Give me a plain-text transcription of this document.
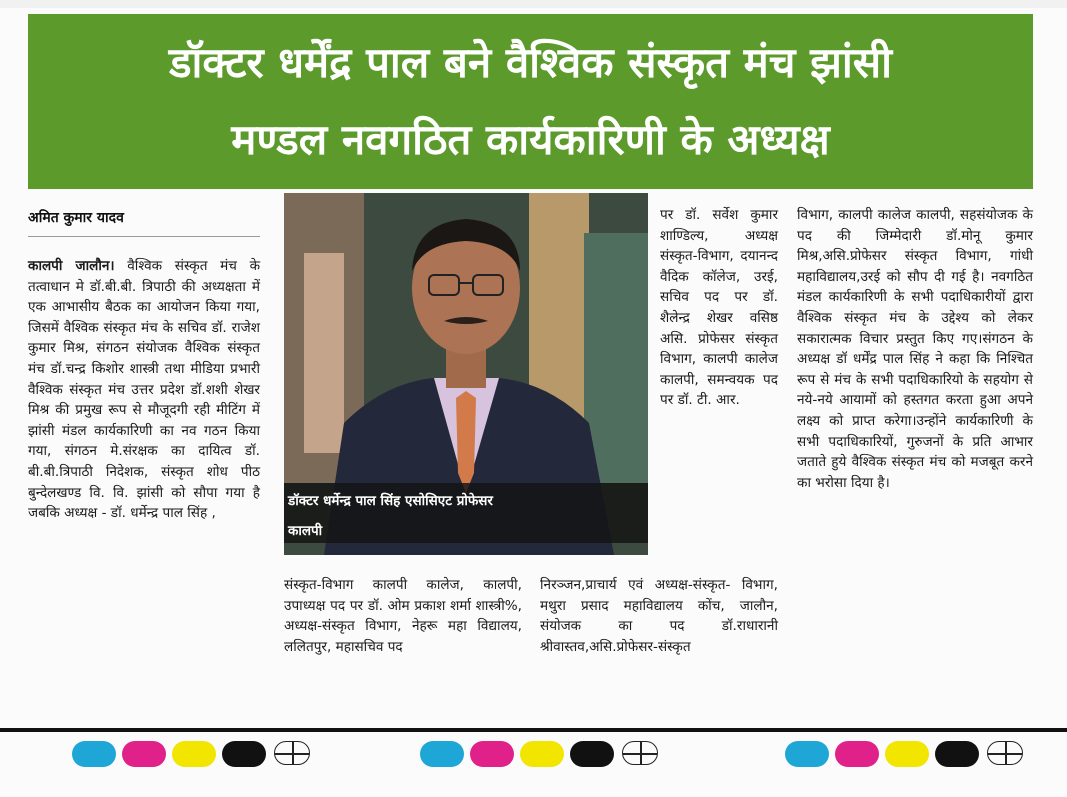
डॉक्टर धर्मेंद्र पाल बने वैश्विक संस्कृत मंच झांसी
मण्डल नवगठित कार्यकारिणी के अध्यक्ष
अमित कुमार यादव
कालपी जालौन। वैश्विक संस्कृत मंच के तत्वाधान मे डॉ.बी.बी. त्रिपाठी की अध्यक्षता में एक आभासीय बैठक का आयोजन किया गया, जिसमें वैश्विक संस्कृत मंच के सचिव डॉ. राजेश कुमार मिश्र, संगठन संयोजक वैश्विक संस्कृत मंच डॉ.चन्द्र किशोर शास्त्री तथा मीडिया प्रभारी वैश्विक संस्कृत मंच उत्तर प्रदेश डॉ.शशी शेखर मिश्र की प्रमुख रूप से मौजूदगी रही मीटिंग में झांसी मंडल कार्यकारिणी का नव गठन किया गया, संगठन मे.संरक्षक का दायित्व डॉ. बी.बी.त्रिपाठी निदेशक, संस्कृत शोध पीठ बुन्देलखण्ड वि. वि. झांसी को सौपा गया है जबकि अध्यक्ष - डॉ. धर्मेन्द्र पाल सिंह ,
डॉक्टर धर्मेन्द्र पाल सिंह एसोसिएट प्रोफेसर
कालपी
संस्कृत-विभाग कालपी कालेज, कालपी, उपाध्यक्ष पद पर डॉ. ओम प्रकाश शर्मा शास्त्री%, अध्यक्ष-संस्कृत विभाग, नेहरू महा विद्यालय, ललितपुर, महासचिव पद
पर डॉ. सर्वेश कुमार शाण्डिल्य, अध्यक्ष संस्कृत-विभाग, दयानन्द वैदिक कॉलेज, उरई, सचिव पद पर डॉ. शैलेन्द्र शेखर वसिष्ठ असि. प्रोफेसर संस्कृत विभाग, कालपी कालेज कालपी, समन्वयक पद पर डॉ. टी. आर.
निरञ्जन,प्राचार्य एवं अध्यक्ष-संस्कृत- विभाग, मथुरा प्रसाद महाविद्यालय कोंच, जालौन, संयोजक का पद डॉ.राधारानी श्रीवास्तव,असि.प्रोफेसर-संस्कृत
विभाग, कालपी कालेज कालपी, सहसंयोजक के पद की जिम्मेदारी डॉ.मोनू कुमार मिश्र,असि.प्रोफेसर संस्कृत विभाग, गांधी महाविद्यालय,उरई को सौप दी गई है। नवगठित मंडल कार्यकारिणी के सभी पदाधिकारीयों द्वारा वैश्विक संस्कृत मंच के उद्देश्य को लेकर सकारात्मक विचार प्रस्तुत किए गए।संगठन के अध्यक्ष डॉ धर्मेंद्र पाल सिंह ने कहा कि निश्चित रूप से मंच के सभी पदाधिकारियो के सहयोग से नये-नये आयामों को हस्तगत करता हुआ अपने लक्ष्य को प्राप्त करेगा।उन्होंने कार्यकारिणी के सभी पदाधिकारियों, गुरुजनों के प्रति आभार जताते हुये वैश्विक संस्कृत मंच को मजबूत करने का भरोसा दिया है।
